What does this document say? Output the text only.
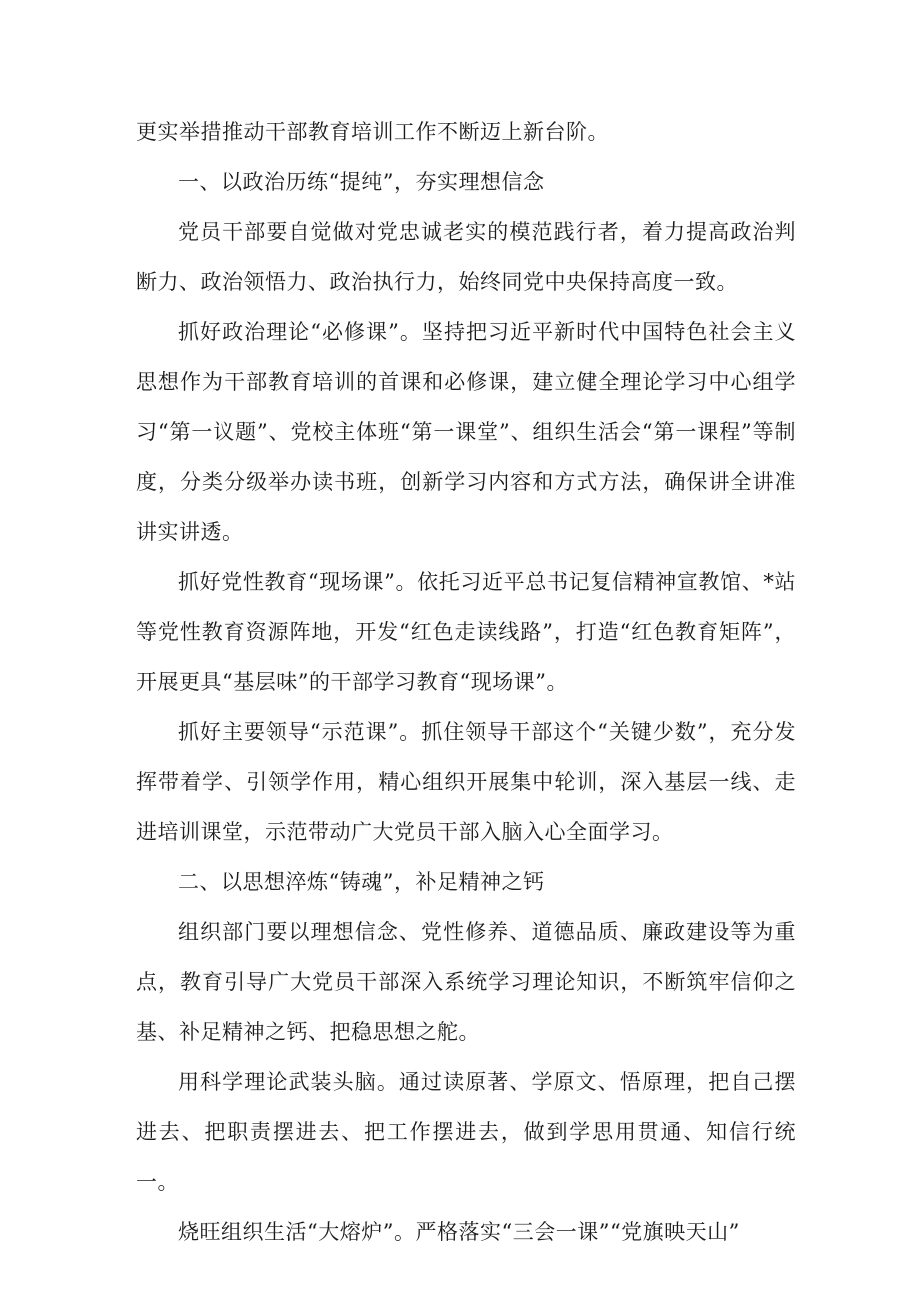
更实举措推动干部教育培训工作不断迈上新台阶。

一、以政治历练“提纯”，夯实理想信念

党员干部要自觉做对党忠诚老实的模范践行者，着力提高政治判断力、政治领悟力、政治执行力，始终同党中央保持高度一致。

抓好政治理论“必修课”。坚持把习近平新时代中国特色社会主义思想作为干部教育培训的首课和必修课，建立健全理论学习中心组学习“第一议题”、党校主体班“第一课堂”、组织生活会“第一课程”等制度，分类分级举办读书班，创新学习内容和方式方法，确保讲全讲准讲实讲透。

抓好党性教育“现场课”。依托习近平总书记复信精神宣教馆、*站等党性教育资源阵地，开发“红色走读线路”，打造“红色教育矩阵”，开展更具“基层味”的干部学习教育“现场课”。

抓好主要领导“示范课”。抓住领导干部这个“关键少数”，充分发挥带着学、引领学作用，精心组织开展集中轮训，深入基层一线、走进培训课堂，示范带动广大党员干部入脑入心全面学习。

二、以思想淬炼“铸魂”，补足精神之钙

组织部门要以理想信念、党性修养、道德品质、廉政建设等为重点，教育引导广大党员干部深入系统学习理论知识，不断筑牢信仰之基、补足精神之钙、把稳思想之舵。

用科学理论武装头脑。通过读原著、学原文、悟原理，把自己摆进去、把职责摆进去、把工作摆进去，做到学思用贯通、知信行统一。

烧旺组织生活“大熔炉”。严格落实“三会一课”“党旗映天山”
